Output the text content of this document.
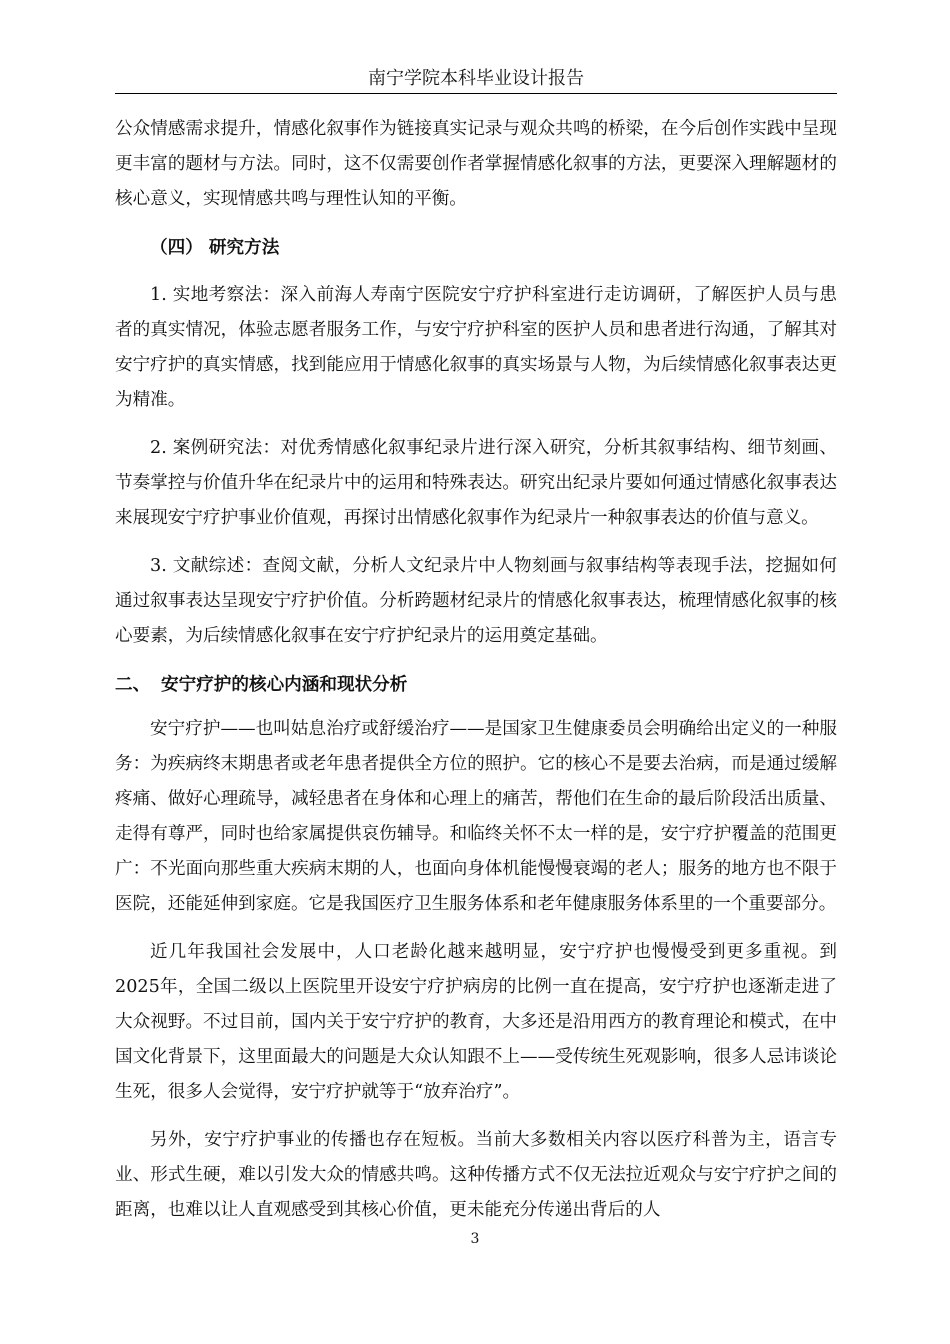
南宁学院本科毕业设计报告

公众情感需求提升，情感化叙事作为链接真实记录与观众共鸣的桥梁，在今后创作实践中呈现更丰富的题材与方法。同时，这不仅需要创作者掌握情感化叙事的方法，更要深入理解题材的核心意义，实现情感共鸣与理性认知的平衡。

（四） 研究方法

1. 实地考察法：深入前海人寿南宁医院安宁疗护科室进行走访调研，了解医护人员与患者的真实情况，体验志愿者服务工作，与安宁疗护科室的医护人员和患者进行沟通，了解其对安宁疗护的真实情感，找到能应用于情感化叙事的真实场景与人物，为后续情感化叙事表达更为精准。

2. 案例研究法：对优秀情感化叙事纪录片进行深入研究，分析其叙事结构、细节刻画、节奏掌控与价值升华在纪录片中的运用和特殊表达。研究出纪录片要如何通过情感化叙事表达来展现安宁疗护事业价值观，再探讨出情感化叙事作为纪录片一种叙事表达的价值与意义。

3. 文献综述：查阅文献，分析人文纪录片中人物刻画与叙事结构等表现手法，挖掘如何通过叙事表达呈现安宁疗护价值。分析跨题材纪录片的情感化叙事表达，梳理情感化叙事的核心要素，为后续情感化叙事在安宁疗护纪录片的运用奠定基础。

二、 安宁疗护的核心内涵和现状分析

安宁疗护——也叫姑息治疗或舒缓治疗——是国家卫生健康委员会明确给出定义的一种服务：为疾病终末期患者或老年患者提供全方位的照护。它的核心不是要去治病，而是通过缓解疼痛、做好心理疏导，减轻患者在身体和心理上的痛苦，帮他们在生命的最后阶段活出质量、走得有尊严，同时也给家属提供哀伤辅导。和临终关怀不太一样的是，安宁疗护覆盖的范围更广：不光面向那些重大疾病末期的人，也面向身体机能慢慢衰竭的老人；服务的地方也不限于医院，还能延伸到家庭。它是我国医疗卫生服务体系和老年健康服务体系里的一个重要部分。

近几年我国社会发展中，人口老龄化越来越明显，安宁疗护也慢慢受到更多重视。到2025年，全国二级以上医院里开设安宁疗护病房的比例一直在提高，安宁疗护也逐渐走进了大众视野。不过目前，国内关于安宁疗护的教育，大多还是沿用西方的教育理论和模式，在中国文化背景下，这里面最大的问题是大众认知跟不上——受传统生死观影响，很多人忌讳谈论生死，很多人会觉得，安宁疗护就等于“放弃治疗”。

另外，安宁疗护事业的传播也存在短板。当前大多数相关内容以医疗科普为主，语言专业、形式生硬，难以引发大众的情感共鸣。这种传播方式不仅无法拉近观众与安宁疗护之间的距离，也难以让人直观感受到其核心价值，更未能充分传递出背后的人

3
